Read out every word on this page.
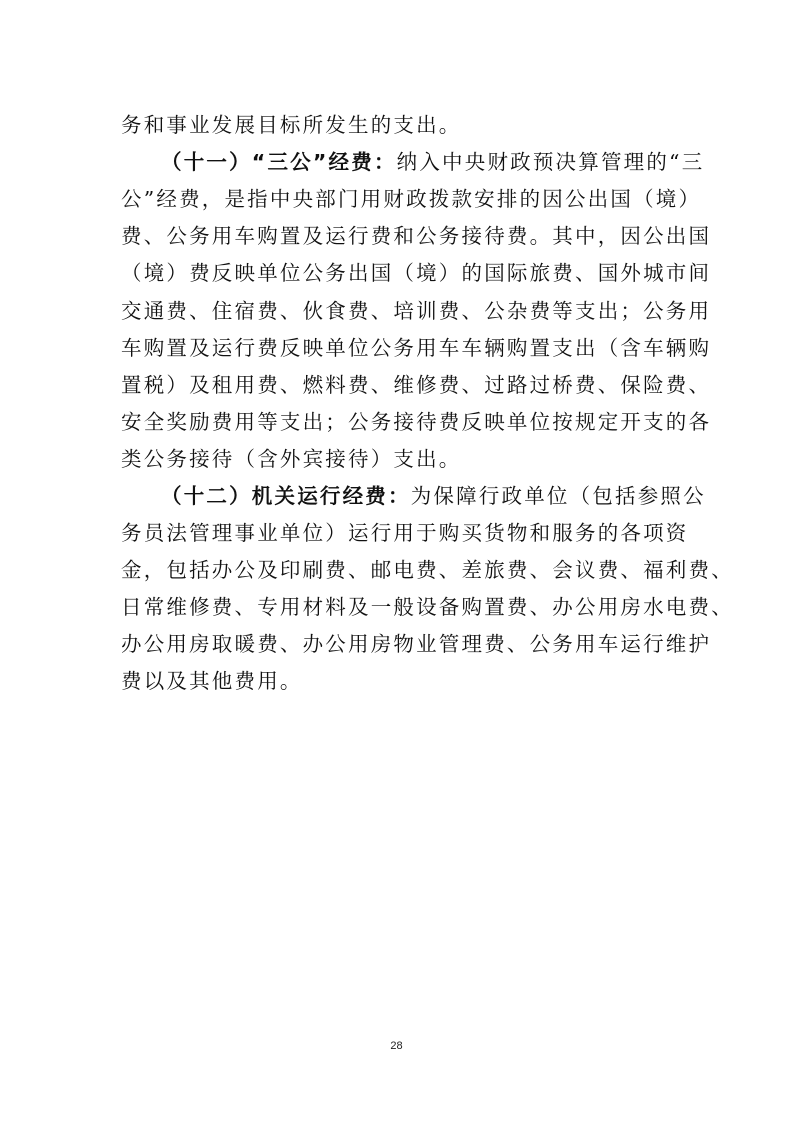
务和事业发展目标所发生的支出。
（十一）“三公”经费：纳入中央财政预决算管理的“三
公”经费，是指中央部门用财政拨款安排的因公出国（境）
费、公务用车购置及运行费和公务接待费。其中，因公出国
（境）费反映单位公务出国（境）的国际旅费、国外城市间
交通费、住宿费、伙食费、培训费、公杂费等支出；公务用
车购置及运行费反映单位公务用车车辆购置支出（含车辆购
置税）及租用费、燃料费、维修费、过路过桥费、保险费、
安全奖励费用等支出；公务接待费反映单位按规定开支的各
类公务接待（含外宾接待）支出。
（十二）机关运行经费：为保障行政单位（包括参照公
务员法管理事业单位）运行用于购买货物和服务的各项资
金，包括办公及印刷费、邮电费、差旅费、会议费、福利费、
日常维修费、专用材料及一般设备购置费、办公用房水电费、
办公用房取暖费、办公用房物业管理费、公务用车运行维护
费以及其他费用。
28
